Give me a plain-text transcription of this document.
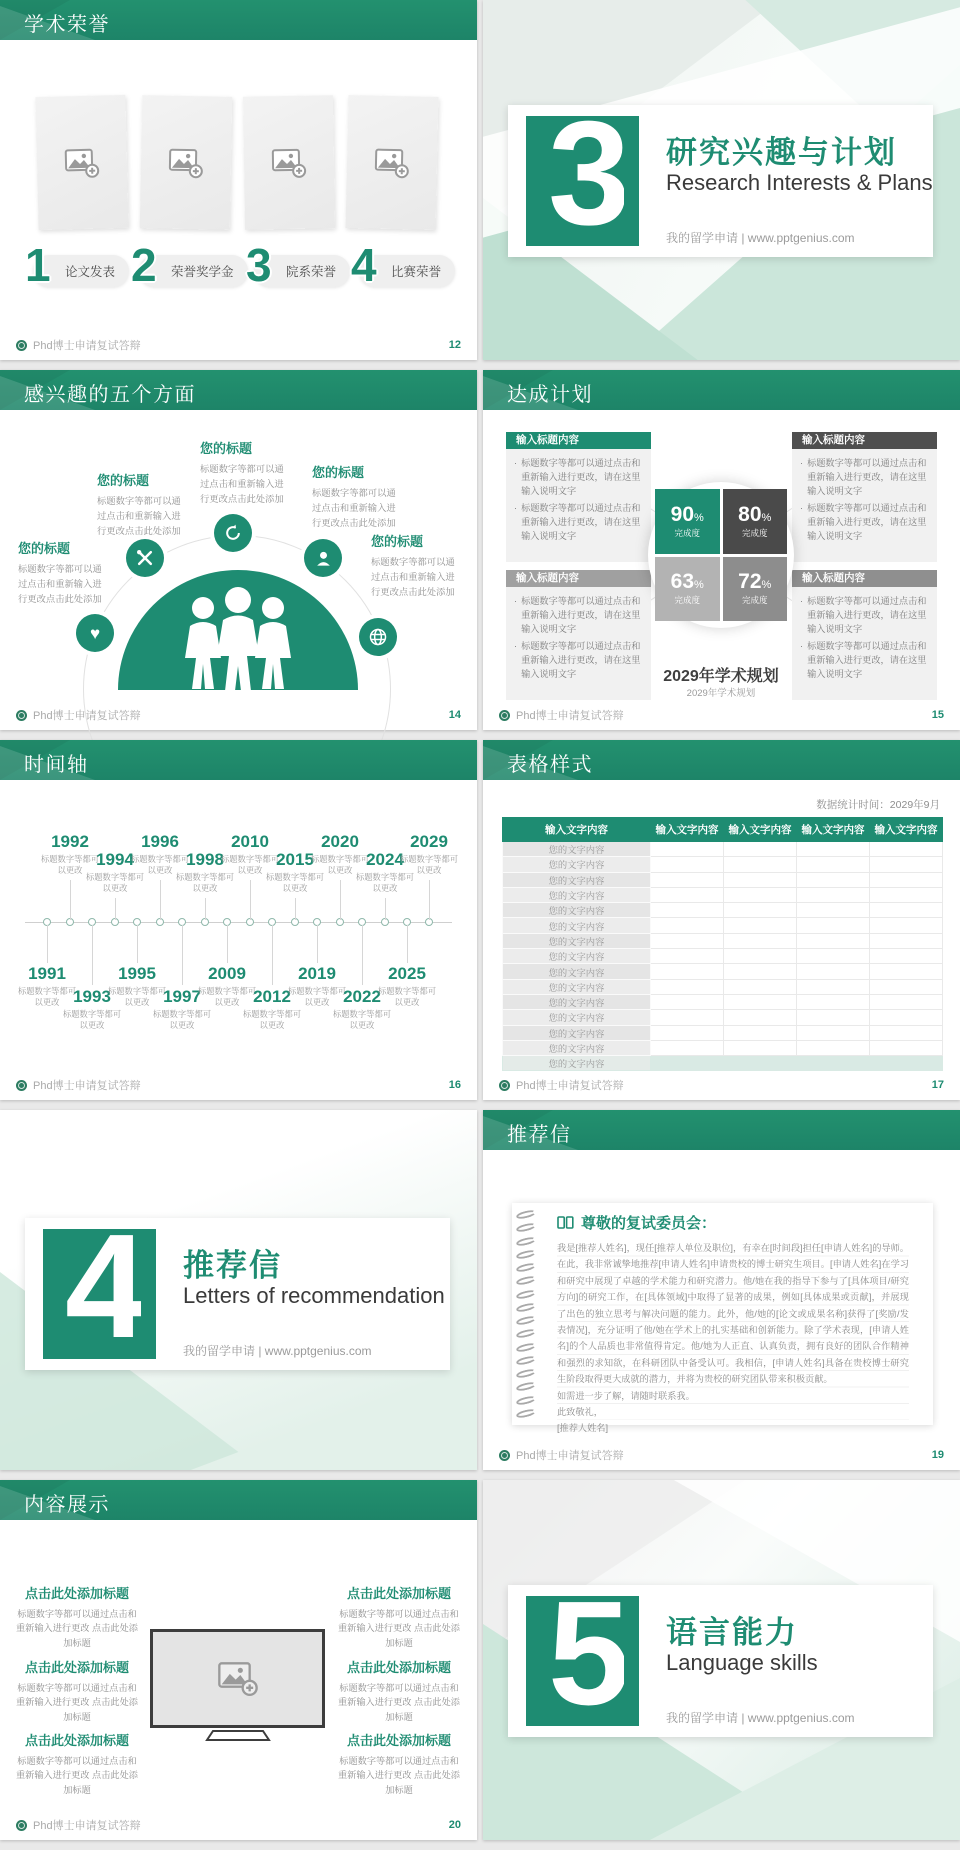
学术荣誉
1	论文发表 2	荣誉奖学金 3	院系荣誉 4	比赛荣誉
Phd博士申请复试答辩	12
3 研究兴趣与计划
Research Interests & Plans
我的留学申请 | www.pptgenius.com
感兴趣的五个方面
♥
您的标题
标题数字等都可以通过点击和重新输入进行更改点击此处添加
您的标题
标题数字等都可以通过点击和重新输入进行更改点击此处添加
您的标题
标题数字等都可以通过点击和重新输入进行更改点击此处添加
您的标题
标题数字等都可以通过点击和重新输入进行更改点击此处添加
您的标题
标题数字等都可以通过点击和重新输入进行更改点击此处添加
Phd博士申请复试答辩	14
达成计划
输入标题内容
· 标题数字等都可以通过点击和重新输入进行更改，请在这里输入说明文字
· 标题数字等都可以通过点击和重新输入进行更改，请在这里输入说明文字
输入标题内容
· 标题数字等都可以通过点击和重新输入进行更改，请在这里输入说明文字
· 标题数字等都可以通过点击和重新输入进行更改，请在这里输入说明文字
输入标题内容
· 标题数字等都可以通过点击和重新输入进行更改，请在这里输入说明文字
· 标题数字等都可以通过点击和重新输入进行更改，请在这里输入说明文字
输入标题内容
· 标题数字等都可以通过点击和重新输入进行更改，请在这里输入说明文字
· 标题数字等都可以通过点击和重新输入进行更改，请在这里输入说明文字
90 %
完成度
80 %
完成度
63 %
完成度
72 %
完成度
2029年学术规划
2029年学术规划
Phd博士申请复试答辩	15
时间轴
1992
标题数字等都可以更改
1994
标题数字等都可以更改
1996
标题数字等都可以更改
1998
标题数字等都可以更改
2010
标题数字等都可以更改
2015
标题数字等都可以更改
2020
标题数字等都可以更改
2024
标题数字等都可以更改
2029
标题数字等都可以更改
1991
标题数字等都可以更改 1993
标题数字等都可以更改
1995
标题数字等都可以更改 1997
标题数字等都可以更改
2009
标题数字等都可以更改 2012
标题数字等都可以更改
2019
标题数字等都可以更改 2022
标题数字等都可以更改
2025
标题数字等都可以更改
Phd博士申请复试答辩	16
表格样式
数据统计时间：2029年9月
输入文字内容	输入文字内容	输入文字内容	输入文字内容	输入文字内容
您的文字内容				
您的文字内容				
您的文字内容				
您的文字内容				
您的文字内容				
您的文字内容				
您的文字内容				
您的文字内容				
您的文字内容				
您的文字内容				
您的文字内容				
您的文字内容				
您的文字内容				
您的文字内容				
您的文字内容				
Phd博士申请复试答辩	17
4 推荐信
Letters of recommendation
我的留学申请 | www.pptgenius.com
推荐信
尊敬的复试委员会：
我是[推荐人姓名]，现任[推荐人单位及职位]，有幸在[时间段]担任[申请人姓名]的导师。在此，我非常诚挚地推荐[申请人姓名]申请贵校的博士研究生项目。[申请人姓名]在学习和研究中展现了卓越的学术能力和研究潜力。他/她在我的指导下参与了[具体项目/研究方向]的研究工作，在[具体领域]中取得了显著的成果，例如[具体成果或贡献]，并展现了出色的独立思考与解决问题的能力。此外，他/她的[论文或成果名称]获得了[奖励/发表情况]，充分证明了他/她在学术上的扎实基础和创新能力。除了学术表现，[申请人姓名]的个人品质也非常值得肯定。他/她为人正直、认真负责，拥有良好的团队合作精神和强烈的求知欲，在科研团队中备受认可。我相信，[申请人姓名]具备在贵校博士研究生阶段取得更大成就的潜力，并将为贵校的研究团队带来积极贡献。
如需进一步了解，请随时联系我。
此致敬礼，
[推荐人姓名]
Phd博士申请复试答辩	19
内容展示
点击此处添加标题
标题数字等都可以通过点击和重新输入进行更改 点击此处添加标题
点击此处添加标题
标题数字等都可以通过点击和重新输入进行更改 点击此处添加标题
点击此处添加标题
标题数字等都可以通过点击和重新输入进行更改 点击此处添加标题
点击此处添加标题
标题数字等都可以通过点击和重新输入进行更改 点击此处添加标题
点击此处添加标题
标题数字等都可以通过点击和重新输入进行更改 点击此处添加标题
点击此处添加标题
标题数字等都可以通过点击和重新输入进行更改 点击此处添加标题
Phd博士申请复试答辩	20
5 语言能力
Language skills
我的留学申请 | www.pptgenius.com
